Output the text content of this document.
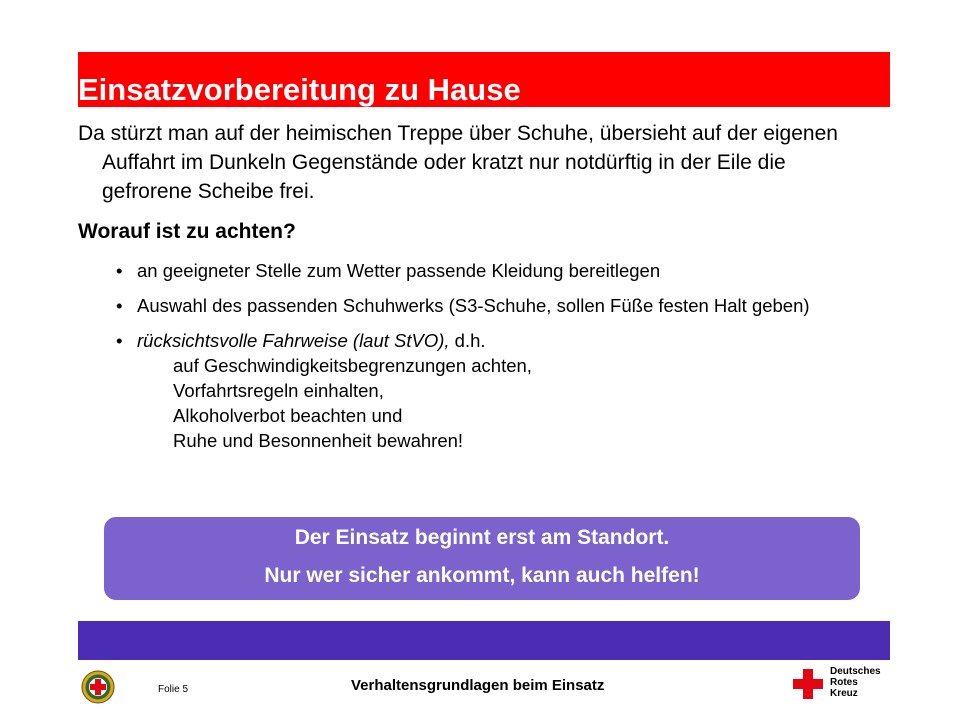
Einsatzvorbereitung zu Hause
Da stürzt man auf der heimischen Treppe über Schuhe, übersieht auf der eigenen Auffahrt im Dunkeln Gegenstände oder kratzt nur notdürftig in der Eile die gefrorene Scheibe frei.
Worauf ist zu achten?
• an geeigneter Stelle zum Wetter passende Kleidung bereitlegen
• Auswahl des passenden Schuhwerks (S3-Schuhe, sollen Füße festen Halt geben)
• rücksichtsvolle Fahrweise (laut StVO), d.h.
auf Geschwindigkeitsbegrenzungen achten,
Vorfahrtsregeln einhalten,
Alkoholverbot beachten und
Ruhe und Besonnenheit bewahren!
Der Einsatz beginnt erst am Standort.
Nur wer sicher ankommt, kann auch helfen!
Folie 5	Verhaltensgrundlagen beim Einsatz
Deutsches
Rotes
Kreuz
